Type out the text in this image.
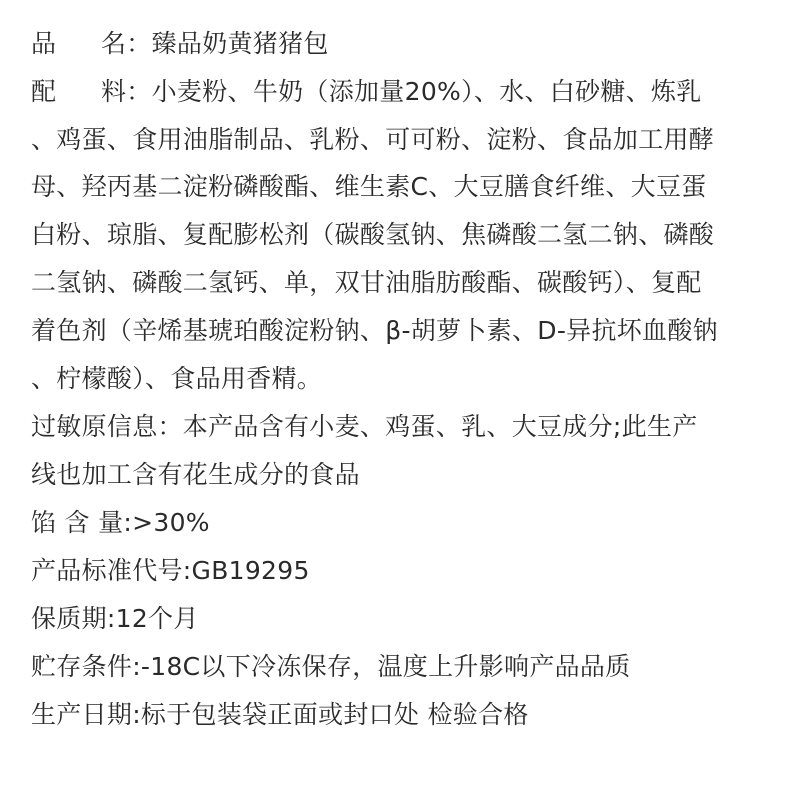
品 名：臻品奶黄猪猪包
配 料：小麦粉、牛奶（添加量20%）、水、白砂糖、炼乳
、鸡蛋、食用油脂制品、乳粉、可可粉、淀粉、食品加工用酵
母、羟丙基二淀粉磷酸酯、维生素C、大豆膳食纤维、大豆蛋
白粉、琼脂、复配膨松剂（碳酸氢钠、焦磷酸二氢二钠、磷酸
二氢钠、磷酸二氢钙、单，双甘油脂肪酸酯、碳酸钙）、复配
着色剂（辛烯基琥珀酸淀粉钠、β-胡萝卜素、D-异抗坏血酸钠
、柠檬酸）、食品用香精。
过敏原信息：本产品含有小麦、鸡蛋、乳、大豆成分;此生产
线也加工含有花生成分的食品
馅 含 量:>30%
产品标准代号:GB19295
保质期:12个月
贮存条件:-18C以下冷冻保存，温度上升影响产品品质
生产日期:标于包装袋正面或封口处 检验合格
